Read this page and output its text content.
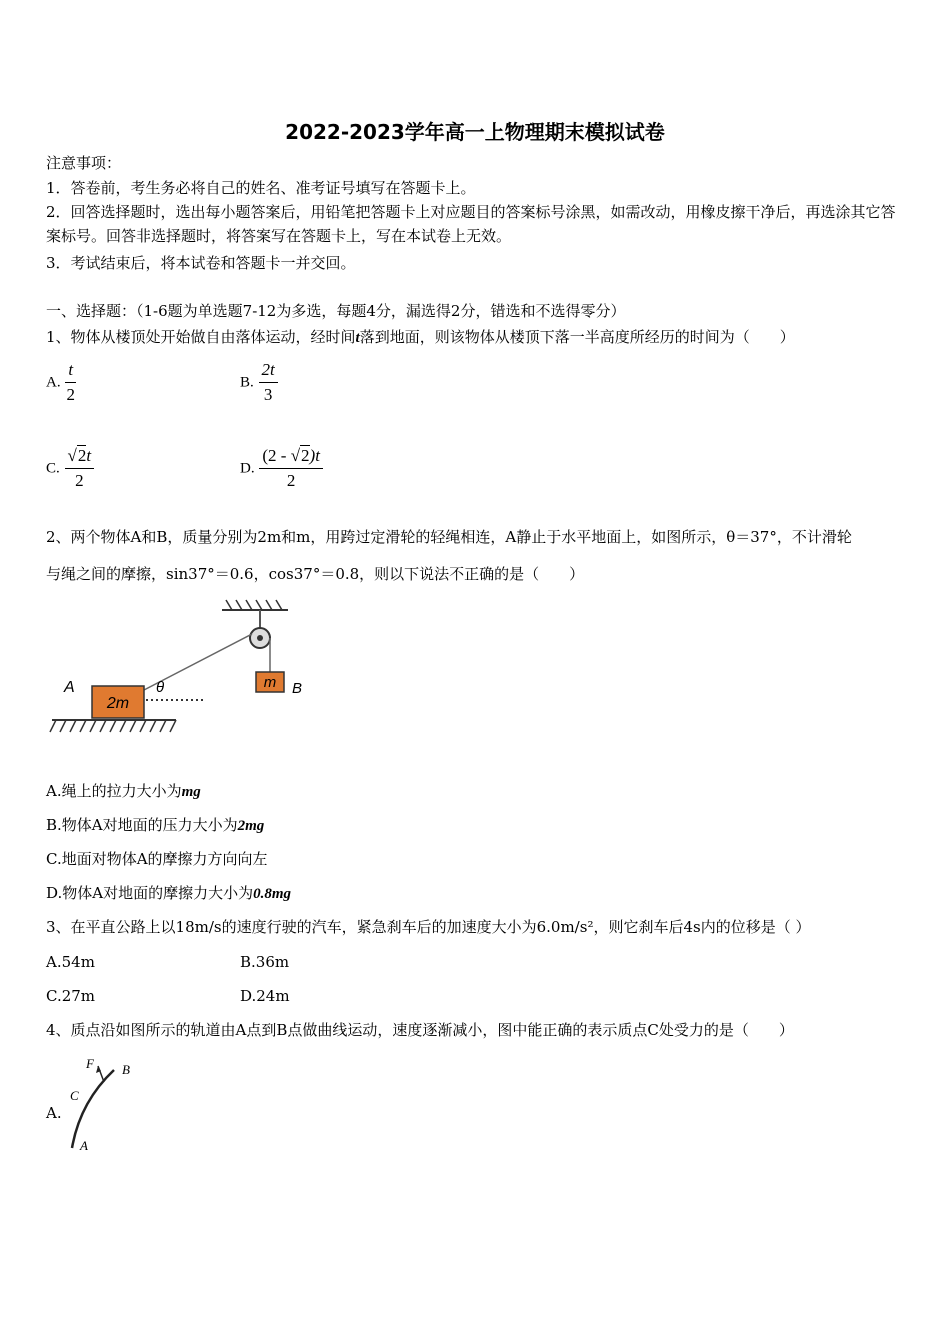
2022-2023学年高一上物理期末模拟试卷
注意事项：
1．答卷前，考生务必将自己的姓名、准考证号填写在答题卡上。
2．回答选择题时，选出每小题答案后，用铅笔把答题卡上对应题目的答案标号涂黑，如需改动，用橡皮擦干净后，再选涂其它答案标号。回答非选择题时，将答案写在答题卡上，写在本试卷上无效。
3．考试结束后，将本试卷和答题卡一并交回。
一、选择题：（1-6题为单选题7-12为多选，每题4分，漏选得2分，错选和不选得零分）
1、物体从楼顶处开始做自由落体运动，经时间t落到地面，则该物体从楼顶下落一半高度所经历的时间为（　　）
A. $\frac{t}{2}$	B. $\frac{2t}{3}$
C. $\frac{√2t}{2}$	D. $\frac{(2 - √2)t}{2}$
2、两个物体A和B，质量分别为2m和m，用跨过定滑轮的轻绳相连，A静止于水平地面上，如图所示，θ＝37°，不计滑轮
与绳之间的摩擦，sin37°＝0.6，cos37°＝0.8，则以下说法不正确的是（　　）
m B
2m
A	θ
A.绳上的拉力大小为mg
B.物体A对地面的压力大小为2mg
C.地面对物体A的摩擦力方向向左
D.物体A对地面的摩擦力大小为0.8mg
3、在平直公路上以18m/s的速度行驶的汽车，紧急刹车后的加速度大小为6.0m/s²，则它刹车后4s内的位移是（ ）
A.54m	B.36m
C.27m	D.24m
4、质点沿如图所示的轨道由A点到B点做曲线运动，速度逐渐减小，图中能正确的表示质点C处受力的是（　　）
A.
F B
C
A
